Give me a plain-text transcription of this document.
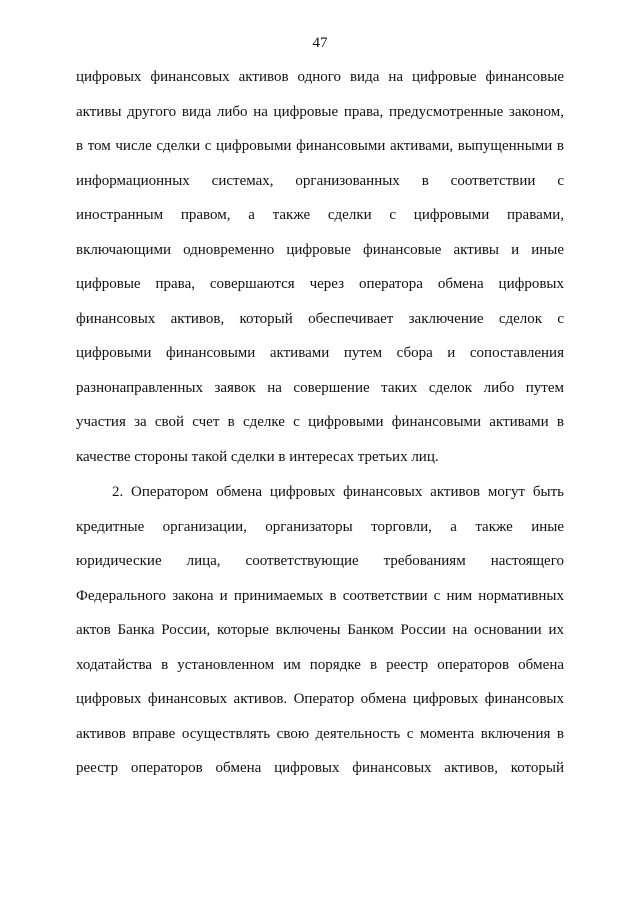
47
цифровых финансовых активов одного вида на цифровые финансовые
активы другого вида либо на цифровые права, предусмотренные законом,
в том числе сделки с цифровыми финансовыми активами, выпущенными в
информационных системах, организованных в соответствии с
иностранным правом, а также сделки с цифровыми правами,
включающими одновременно цифровые финансовые активы и иные
цифровые права, совершаются через оператора обмена цифровых
финансовых активов, который обеспечивает заключение сделок с
цифровыми финансовыми активами путем сбора и сопоставления
разнонаправленных заявок на совершение таких сделок либо путем
участия за свой счет в сделке с цифровыми финансовыми активами в
качестве стороны такой сделки в интересах третьих лиц.
2. Оператором обмена цифровых финансовых активов могут быть
кредитные организации, организаторы торговли, а также иные
юридические лица, соответствующие требованиям настоящего
Федерального закона и принимаемых в соответствии с ним нормативных
актов Банка России, которые включены Банком России на основании их
ходатайства в установленном им порядке в реестр операторов обмена
цифровых финансовых активов. Оператор обмена цифровых финансовых
активов вправе осуществлять свою деятельность с момента включения в
реестр операторов обмена цифровых финансовых активов, который
